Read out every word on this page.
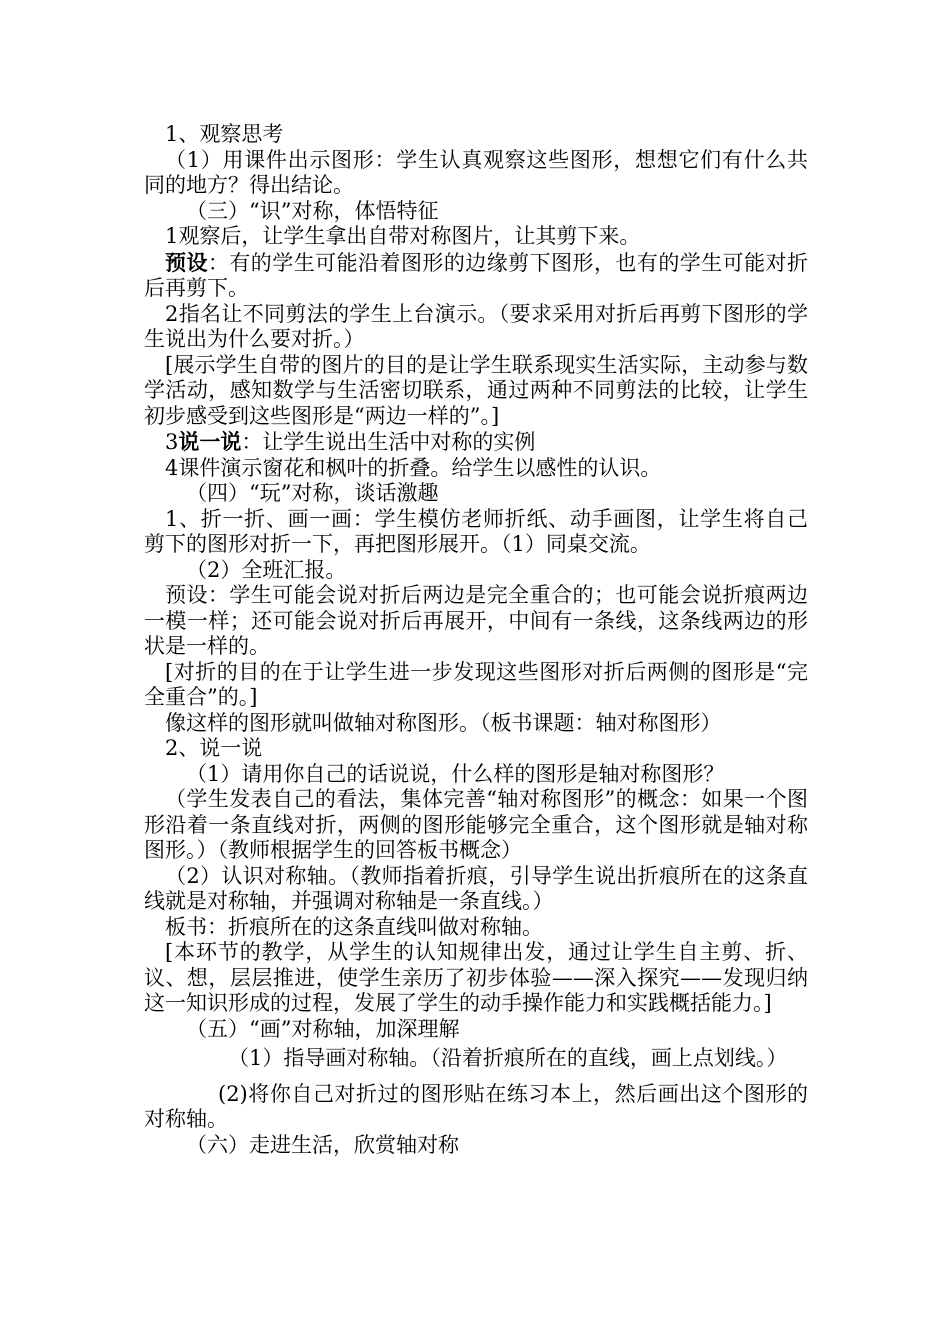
1、观察思考

（1）用课件出示图形：学生认真观察这些图形，想想它们有什么共同的地方？得出结论。

（三）“识”对称，体悟特征

1观察后，让学生拿出自带对称图片，让其剪下来。

预设：有的学生可能沿着图形的边缘剪下图形，也有的学生可能对折后再剪下。

2指名让不同剪法的学生上台演示。（要求采用对折后再剪下图形的学生说出为什么要对折。）

[展示学生自带的图片的目的是让学生联系现实生活实际，主动参与数学活动，感知数学与生活密切联系，通过两种不同剪法的比较，让学生初步感受到这些图形是“两边一样的”。]

3说一说：让学生说出生活中对称的实例

4课件演示窗花和枫叶的折叠。给学生以感性的认识。

（四）“玩”对称，谈话激趣

1、折一折、画一画：学生模仿老师折纸、动手画图，让学生将自己剪下的图形对折一下，再把图形展开。（1）同桌交流。

（2）全班汇报。

预设：学生可能会说对折后两边是完全重合的；也可能会说折痕两边一模一样；还可能会说对折后再展开，中间有一条线，这条线两边的形状是一样的。

[对折的目的在于让学生进一步发现这些图形对折后两侧的图形是“完全重合”的。]

像这样的图形就叫做轴对称图形。（板书课题：轴对称图形）

2、说一说

（1）请用你自己的话说说，什么样的图形是轴对称图形？

（学生发表自己的看法，集体完善“轴对称图形”的概念：如果一个图形沿着一条直线对折，两侧的图形能够完全重合，这个图形就是轴对称图形。）（教师根据学生的回答板书概念）

（2）认识对称轴。（教师指着折痕，引导学生说出折痕所在的这条直线就是对称轴，并强调对称轴是一条直线。）

板书：折痕所在的这条直线叫做对称轴。

[本环节的教学，从学生的认知规律出发，通过让学生自主剪、折、议、想，层层推进，使学生亲历了初步体验——深入探究——发现归纳这一知识形成的过程，发展了学生的动手操作能力和实践概括能力。]

（五）“画”对称轴，加深理解

（1）指导画对称轴。（沿着折痕所在的直线，画上点划线。）

(2)将你自己对折过的图形贴在练习本上，然后画出这个图形的对称轴。

（六）走进生活，欣赏轴对称
